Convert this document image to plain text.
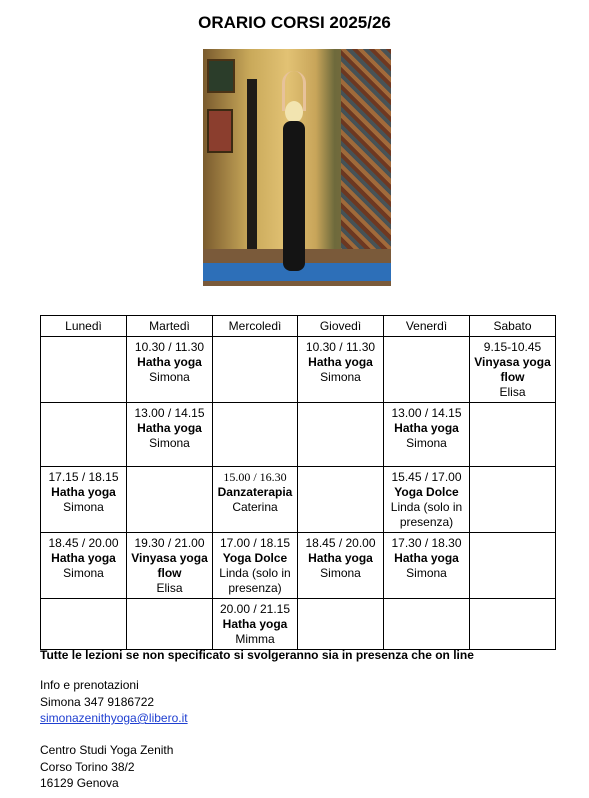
ORARIO CORSI 2025/26
Lunedì	Martedì	Mercoledì	Giovedì	Venerdì	Sabato

	10.30 / 11.30
Hatha yoga
Simona		10.30 / 11.30
Hatha yoga
Simona		9.15-10.45
Vinyasa yoga flow
Elisa

	13.00 / 14.15
Hatha yoga
Simona			13.00 / 14.15
Hatha yoga
Simona	

17.15 / 18.15
Hatha yoga
Simona		15.00 / 16.30
Danzaterapia
Caterina		15.45 / 17.00
Yoga Dolce
Linda (solo in presenza)	

18.45 / 20.00
Hatha yoga
Simona	19.30 / 21.00
Vinyasa yoga flow
Elisa	17.00 / 18.15
Yoga Dolce
Linda (solo in presenza)	18.45 / 20.00
Hatha yoga
Simona	17.30 / 18.30
Hatha yoga
Simona	

		20.00 / 21.15
Hatha yoga
Mimma			

Tutte le lezioni se non specificato si svolgeranno sia in presenza che on line
Info e prenotazioni
Simona 347 9186722
simonazenithyoga@libero.it
Centro Studi Yoga Zenith
Corso Torino 38/2
16129 Genova
